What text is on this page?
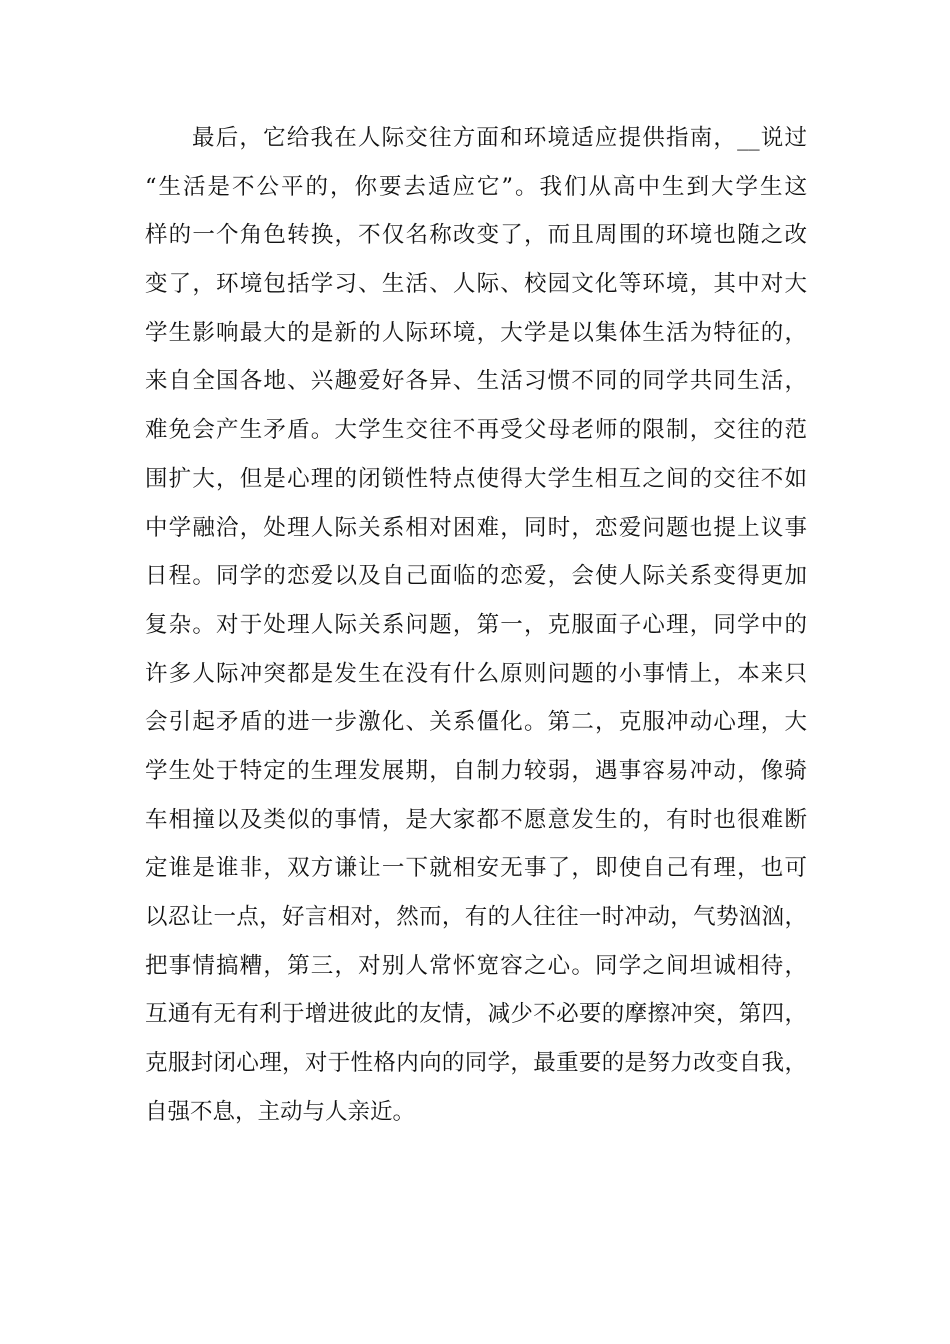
最后，它给我在人际交往方面和环境适应提供指南，__说过
“生活是不公平的，你要去适应它”。我们从高中生到大学生这
样的一个角色转换，不仅名称改变了，而且周围的环境也随之改
变了，环境包括学习、生活、人际、校园文化等环境，其中对大
学生影响最大的是新的人际环境，大学是以集体生活为特征的，
来自全国各地、兴趣爱好各异、生活习惯不同的同学共同生活，
难免会产生矛盾。大学生交往不再受父母老师的限制，交往的范
围扩大，但是心理的闭锁性特点使得大学生相互之间的交往不如
中学融洽，处理人际关系相对困难，同时，恋爱问题也提上议事
日程。同学的恋爱以及自己面临的恋爱，会使人际关系变得更加
复杂。对于处理人际关系问题，第一，克服面子心理，同学中的
许多人际冲突都是发生在没有什么原则问题的小事情上，本来只
会引起矛盾的进一步激化、关系僵化。第二，克服冲动心理，大
学生处于特定的生理发展期，自制力较弱，遇事容易冲动，像骑
车相撞以及类似的事情，是大家都不愿意发生的，有时也很难断
定谁是谁非，双方谦让一下就相安无事了，即使自己有理，也可
以忍让一点，好言相对，然而，有的人往往一时冲动，气势汹汹，
把事情搞糟，第三，对别人常怀宽容之心。同学之间坦诚相待，
互通有无有利于增进彼此的友情，减少不必要的摩擦冲突，第四，
克服封闭心理，对于性格内向的同学，最重要的是努力改变自我，
自强不息，主动与人亲近。
